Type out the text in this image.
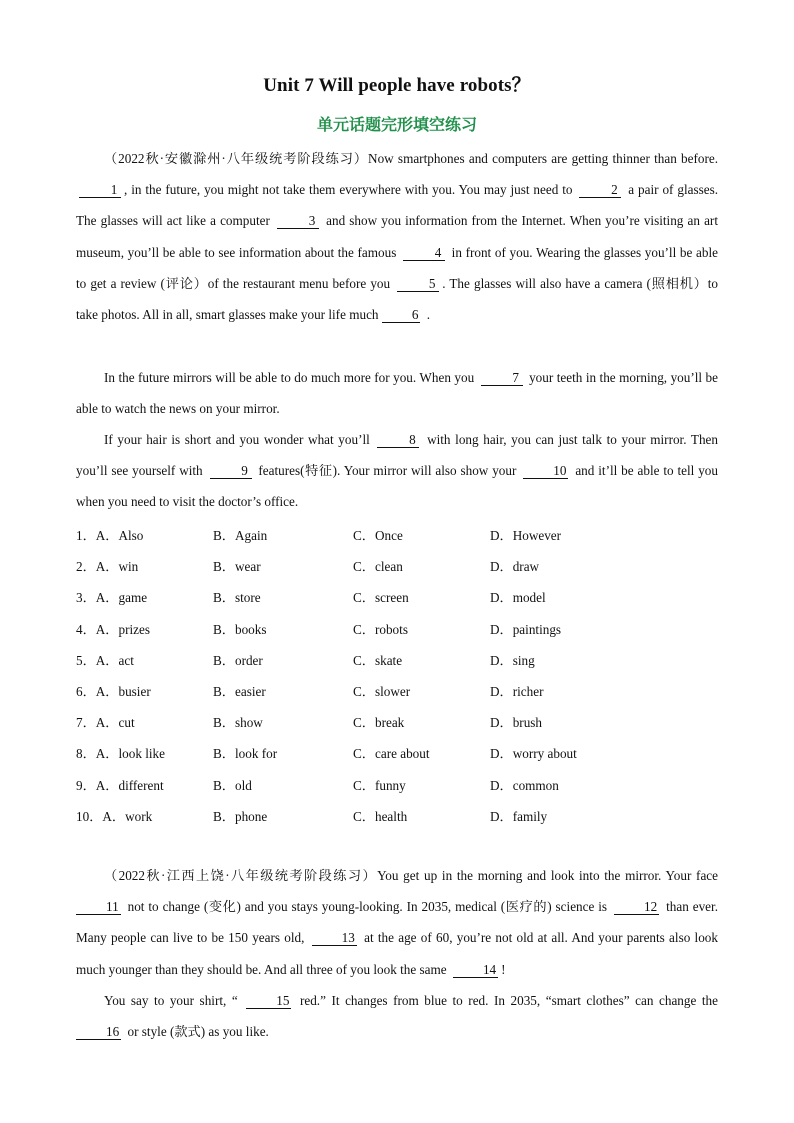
Unit 7 Will people have robots？
单元话题完形填空练习

（2022秋·安徽滁州·八年级统考阶段练习）Now smartphones and computers are getting thinner than before. 1 , in the future, you might not take them everywhere with you. You may just need to	2 a pair of glasses. The glasses will act like a computer	3 and show you information from the Internet. When you’re visiting an art museum, you’ll be able to see information about the famous	4 in front of you. Wearing the glasses you’ll be able to get a review (评论）of the restaurant menu before you	5 . The glasses will also have a camera (照相机）to take photos. All in all, smart glasses make your life much 6 .

In the future mirrors will be able to do much more for you. When you	7 your teeth in the morning, you’ll be able to watch the news on your mirror.

If your hair is short and you wonder what you’ll	8 with long hair, you can just talk to your mirror. Then you’ll see yourself with	9 features(特征). Your mirror will also show your	10 and it’ll be able to tell you when you need to visit the doctor’s office.

1．A．Also	B．Again	C．Once	D．However
2．A．win	B．wear	C．clean	D．draw
3．A．game	B．store	C．screen	D．model
4．A．prizes	B．books	C．robots	D．paintings
5．A．act	B．order	C．skate	D．sing
6．A．busier	B．easier	C．slower	D．richer
7．A．cut	B．show	C．break	D．brush
8．A．look like	B．look for	C．care about	D．worry about
9．A．different	B．old	C．funny	D．common
10．A．work	B．phone	C．health	D．family

（2022秋·江西上饶·八年级统考阶段练习）You get up in the morning and look into the mirror. Your face 11 not to change (变化) and you stays young-looking. In 2035, medical (医疗的) science is	12 than ever. Many people can live to be 150 years old,	13 at the age of 60, you’re not old at all. And your parents also look much younger than they should be. And all three of you look the same	14 !

You say to your shirt, “	15 red.” It changes from blue to red. In 2035, “smart clothes” can change the 16 or style (款式) as you like.
